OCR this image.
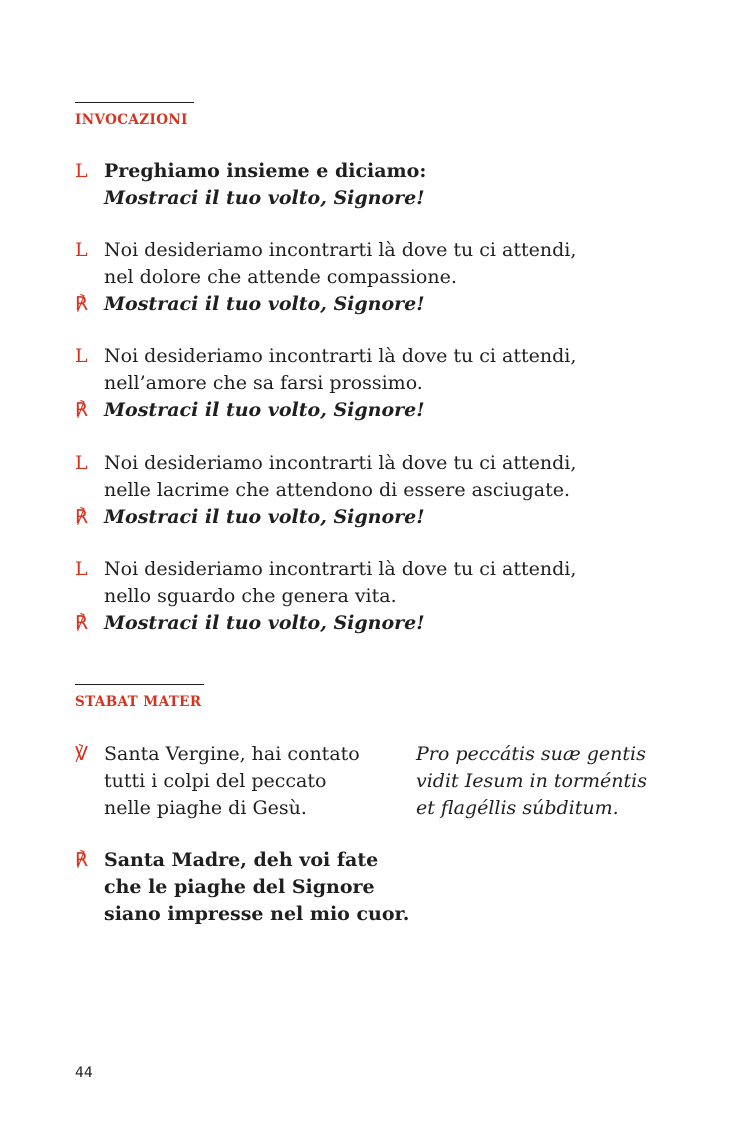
INVOCAZIONI
L Preghiamo insieme e diciamo:
Mostraci il tuo volto, Signore!
L Noi desideriamo incontrarti là dove tu ci attendi,
nel dolore che attende compassione.
℟ Mostraci il tuo volto, Signore!
L Noi desideriamo incontrarti là dove tu ci attendi,
nell’amore che sa farsi prossimo.
℟ Mostraci il tuo volto, Signore!
L Noi desideriamo incontrarti là dove tu ci attendi,
nelle lacrime che attendono di essere asciugate.
℟ Mostraci il tuo volto, Signore!
L Noi desideriamo incontrarti là dove tu ci attendi,
nello sguardo che genera vita.
℟ Mostraci il tuo volto, Signore!
STABAT MATER
℣ Santa Vergine, hai contato
tutti i colpi del peccato
nelle piaghe di Gesù.
Pro peccátis suæ gentis
vidit Iesum in torméntis
et flagéllis súbditum.
℟ Santa Madre, deh voi fate
che le piaghe del Signore
siano impresse nel mio cuor.
44
